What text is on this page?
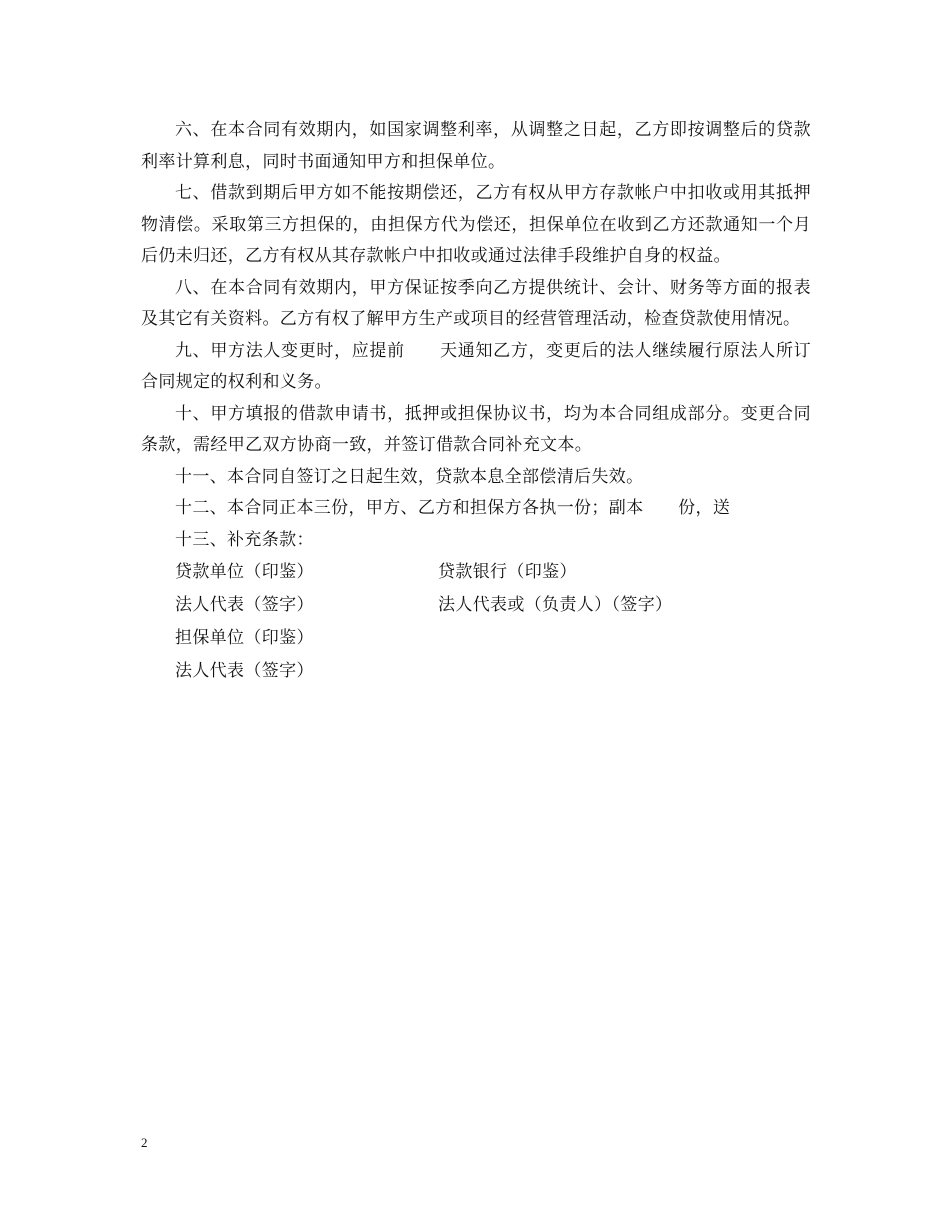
六、在本合同有效期内，如国家调整利率，从调整之日起，乙方即按调整后的贷款利率计算利息，同时书面通知甲方和担保单位。

七、借款到期后甲方如不能按期偿还，乙方有权从甲方存款帐户中扣收或用其抵押物清偿。采取第三方担保的，由担保方代为偿还，担保单位在收到乙方还款通知一个月后仍未归还，乙方有权从其存款帐户中扣收或通过法律手段维护自身的权益。

八、在本合同有效期内，甲方保证按季向乙方提供统计、会计、财务等方面的报表及其它有关资料。乙方有权了解甲方生产或项目的经营管理活动，检查贷款使用情况。

九、甲方法人变更时，应提前　　天通知乙方，变更后的法人继续履行原法人所订合同规定的权利和义务。

十、甲方填报的借款申请书，抵押或担保协议书，均为本合同组成部分。变更合同条款，需经甲乙双方协商一致，并签订借款合同补充文本。

十一、本合同自签订之日起生效，贷款本息全部偿清后失效。

十二、本合同正本三份，甲方、乙方和担保方各执一份；副本　　份，送

十三、补充条款：

贷款单位（印鉴）	贷款银行（印鉴）
法人代表（签字）	法人代表或（负责人）（签字）
担保单位（印鉴）
法人代表（签字）
2
